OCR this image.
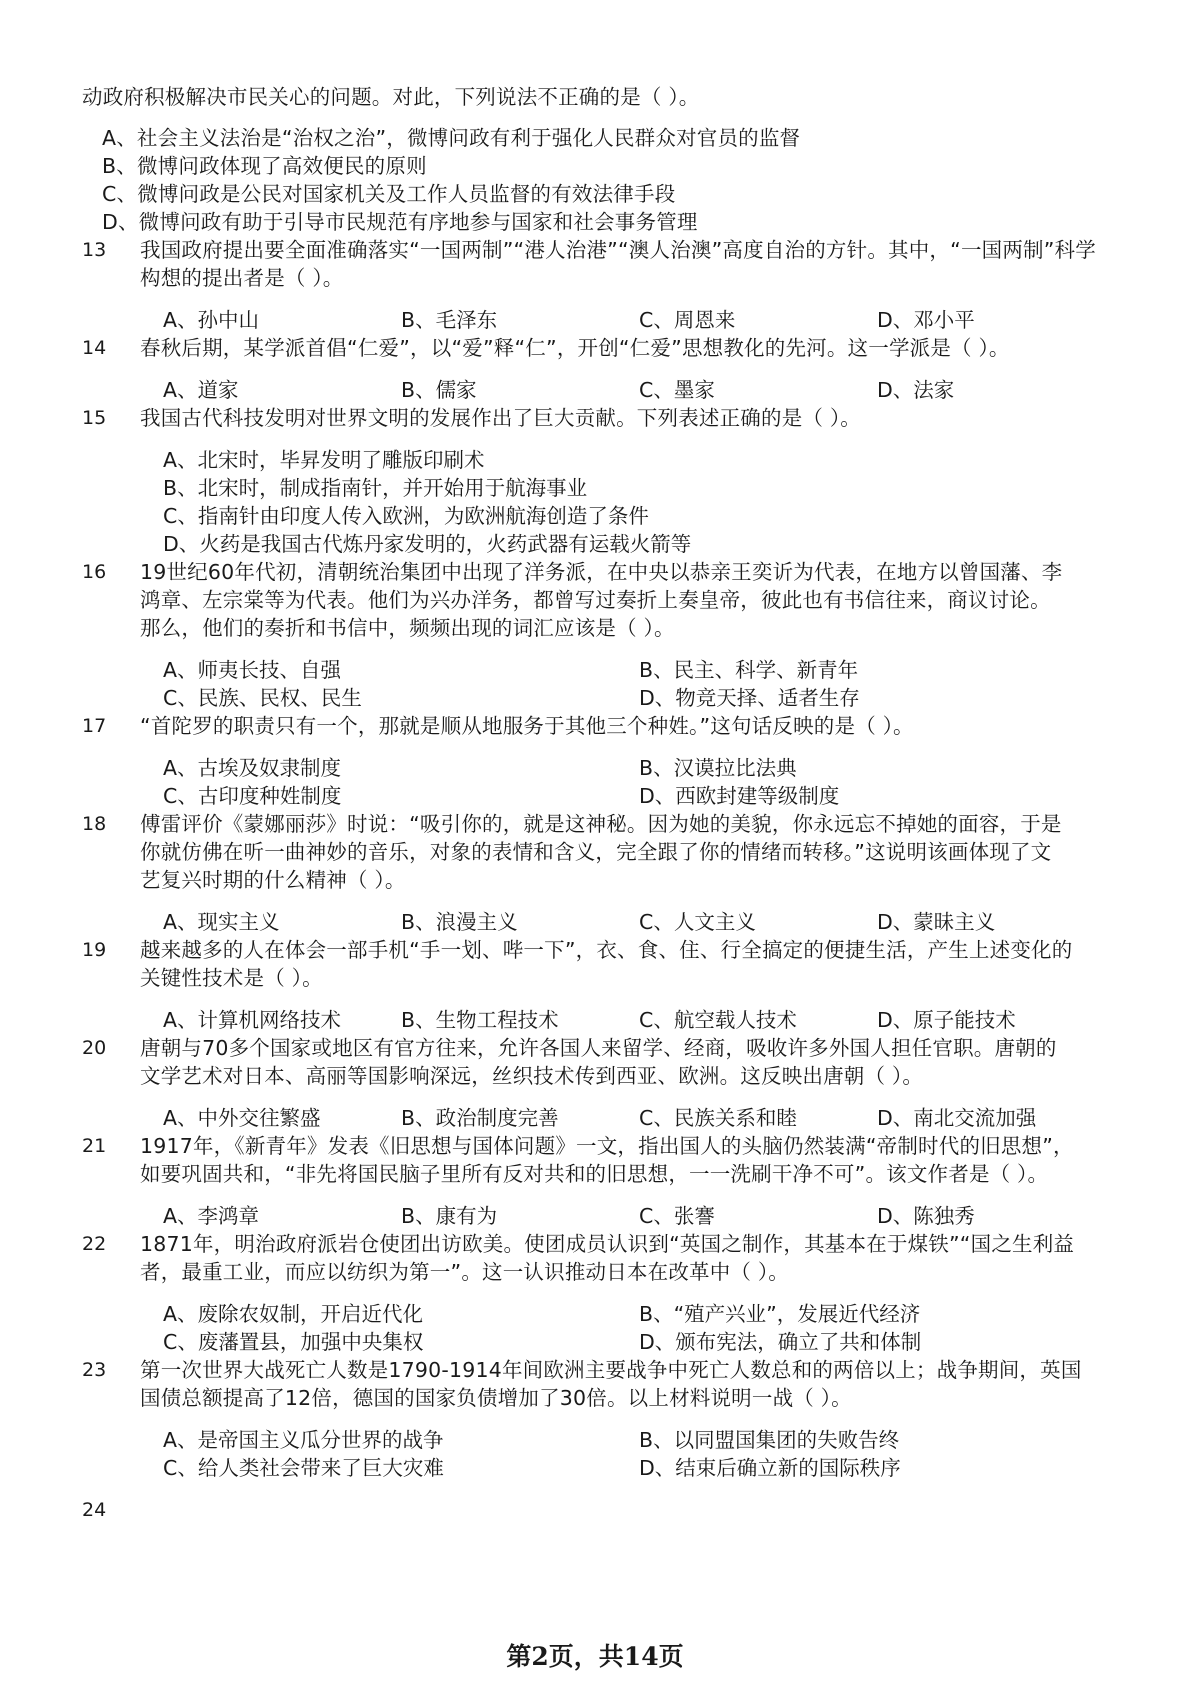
动政府积极解决市民关心的问题。对此，下列说法不正确的是（ ）。
A、社会主义法治是“治权之治”，微博问政有利于强化人民群众对官员的监督
B、微博问政体现了高效便民的原则
C、微博问政是公民对国家机关及工作人员监督的有效法律手段
D、微博问政有助于引导市民规范有序地参与国家和社会事务管理
13 我国政府提出要全面准确落实“一国两制”“港人治港”“澳人治澳”高度自治的方针。其中，“一国两制”科学
构想的提出者是（ ）。
A、孙中山	B、毛泽东	C、周恩来	D、邓小平
14 春秋后期，某学派首倡“仁爱”，以“爱”释“仁”，开创“仁爱”思想教化的先河。这一学派是（ ）。
A、道家	B、儒家	C、墨家	D、法家
15 我国古代科技发明对世界文明的发展作出了巨大贡献。下列表述正确的是（ ）。
A、北宋时，毕昇发明了雕版印刷术
B、北宋时，制成指南针，并开始用于航海事业
C、指南针由印度人传入欧洲，为欧洲航海创造了条件
D、火药是我国古代炼丹家发明的，火药武器有运载火箭等
16 19世纪60年代初，清朝统治集团中出现了洋务派，在中央以恭亲王奕䜣为代表，在地方以曾国藩、李
鸿章、左宗棠等为代表。他们为兴办洋务，都曾写过奏折上奏皇帝，彼此也有书信往来，商议讨论。
那么，他们的奏折和书信中，频频出现的词汇应该是（ ）。
A、师夷长技、自强	B、民主、科学、新青年
C、民族、民权、民生	D、物竞天择、适者生存
17 “首陀罗的职责只有一个，那就是顺从地服务于其他三个种姓。”这句话反映的是（ ）。
A、古埃及奴隶制度	B、汉谟拉比法典
C、古印度种姓制度	D、西欧封建等级制度
18 傅雷评价《蒙娜丽莎》时说：“吸引你的，就是这神秘。因为她的美貌，你永远忘不掉她的面容，于是
你就仿佛在听一曲神妙的音乐，对象的表情和含义，完全跟了你的情绪而转移。”这说明该画体现了文
艺复兴时期的什么精神（ ）。
A、现实主义	B、浪漫主义	C、人文主义	D、蒙昧主义
19 越来越多的人在体会一部手机“手一划、哔一下”，衣、食、住、行全搞定的便捷生活，产生上述变化的
关键性技术是（ ）。
A、计算机网络技术	B、生物工程技术	C、航空载人技术	D、原子能技术
20 唐朝与70多个国家或地区有官方往来，允许各国人来留学、经商，吸收许多外国人担任官职。唐朝的
文学艺术对日本、高丽等国影响深远，丝织技术传到西亚、欧洲。这反映出唐朝（ ）。
A、中外交往繁盛	B、政治制度完善	C、民族关系和睦	D、南北交流加强
21 1917年，《新青年》发表《旧思想与国体问题》一文，指出国人的头脑仍然装满“帝制时代的旧思想”，
如要巩固共和，“非先将国民脑子里所有反对共和的旧思想，一一洗刷干净不可”。该文作者是（ ）。
A、李鸿章	B、康有为	C、张謇	D、陈独秀
22 1871年，明治政府派岩仓使团出访欧美。使团成员认识到“英国之制作，其基本在于煤铁”“国之生利益
者，最重工业，而应以纺织为第一”。这一认识推动日本在改革中（ ）。
A、废除农奴制，开启近代化	B、“殖产兴业”，发展近代经济
C、废藩置县，加强中央集权	D、颁布宪法，确立了共和体制
23 第一次世界大战死亡人数是1790-1914年间欧洲主要战争中死亡人数总和的两倍以上；战争期间，英国
国债总额提高了12倍，德国的国家负债增加了30倍。以上材料说明一战（ ）。
A、是帝国主义瓜分世界的战争	B、以同盟国集团的失败告终
C、给人类社会带来了巨大灾难	D、结束后确立新的国际秩序
24
第2页，共14页
